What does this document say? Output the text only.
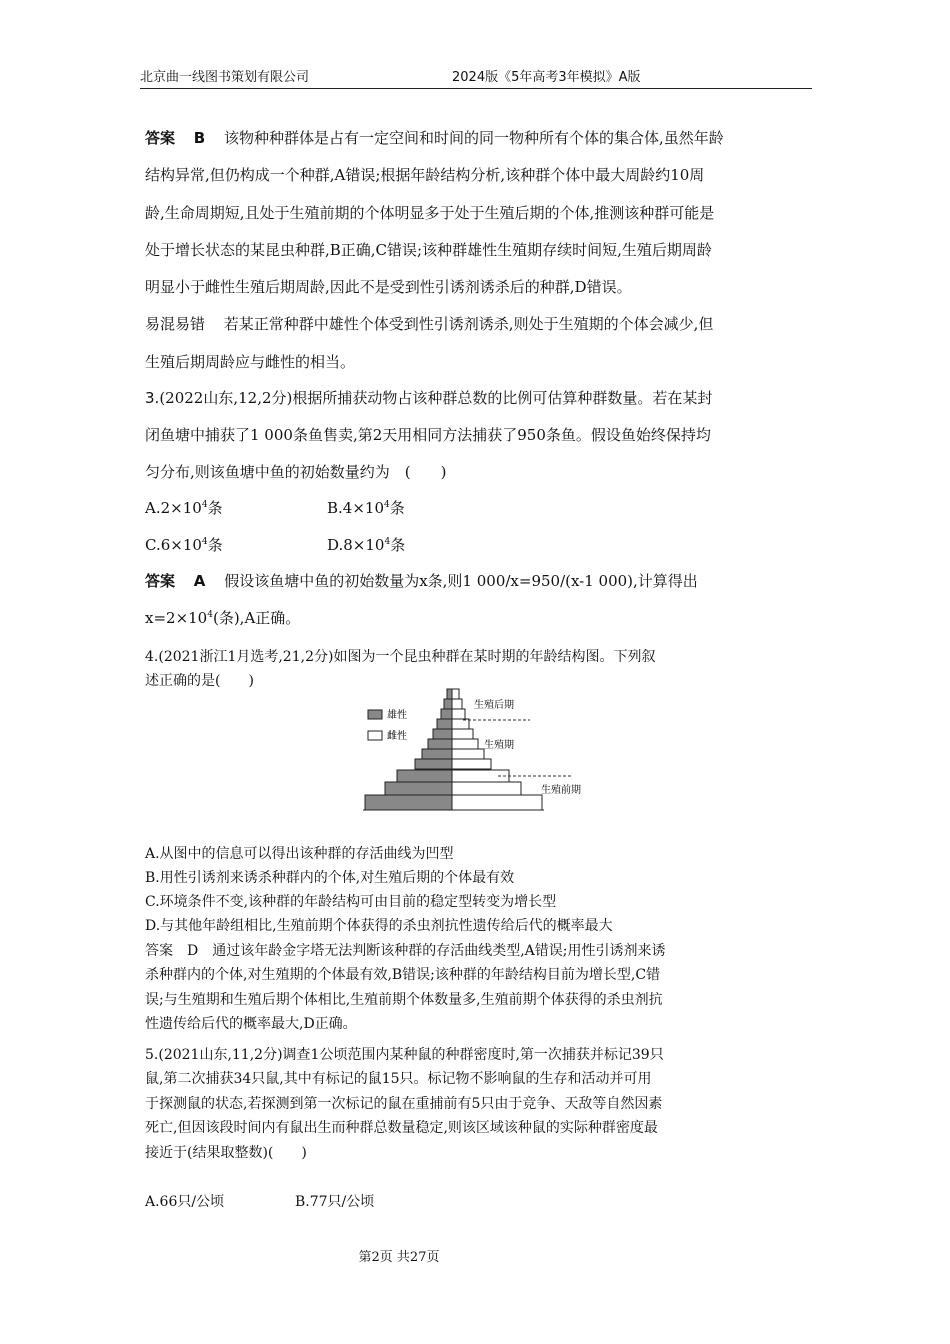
北京曲一线图书策划有限公司	2024版《5年高考3年模拟》A版
答案 B 该物种种群体是占有一定空间和时间的同一物种所有个体的集合体,虽然年龄
结构异常,但仍构成一个种群,A错误;根据年龄结构分析,该种群个体中最大周龄约10周
龄,生命周期短,且处于生殖前期的个体明显多于处于生殖后期的个体,推测该种群可能是
处于增长状态的某昆虫种群,B正确,C错误;该种群雄性生殖期存续时间短,生殖后期周龄
明显小于雌性生殖后期周龄,因此不是受到性引诱剂诱杀后的种群,D错误。
易混易错 若某正常种群中雄性个体受到性引诱剂诱杀,则处于生殖期的个体会减少,但
生殖后期周龄应与雌性的相当。
3.(2022山东,12,2分)根据所捕获动物占该种群总数的比例可估算种群数量。若在某封
闭鱼塘中捕获了1 000条鱼售卖,第2天用相同方法捕获了950条鱼。假设鱼始终保持均
匀分布,则该鱼塘中鱼的初始数量约为　(　　)
$A.2\times 10^4$条	$B.4\times 10^4$条
$C.6\times 10^4$条	$D.8\times 10^4$条
答案 A 假设该鱼塘中鱼的初始数量为x条,则1 000/x=950/(x-1 000),计算得出
$x=2\times 10^4$(条),A正确。
4.(2021浙江1月选考,21,2分)如图为一个昆虫种群在某时期的年龄结构图。下列叙
述正确的是(　　)
雄性
雌性
生殖后期
生殖期
生殖前期
A.从图中的信息可以得出该种群的存活曲线为凹型
B.用性引诱剂来诱杀种群内的个体,对生殖后期的个体最有效
C.环境条件不变,该种群的年龄结构可由目前的稳定型转变为增长型
D.与其他年龄组相比,生殖前期个体获得的杀虫剂抗性遗传给后代的概率最大
答案　D　通过该年龄金字塔无法判断该种群的存活曲线类型,A错误;用性引诱剂来诱
杀种群内的个体,对生殖期的个体最有效,B错误;该种群的年龄结构目前为增长型,C错
误;与生殖期和生殖后期个体相比,生殖前期个体数量多,生殖前期个体获得的杀虫剂抗
性遗传给后代的概率最大,D正确。
5.(2021山东,11,2分)调查1公顷范围内某种鼠的种群密度时,第一次捕获并标记39只
鼠,第二次捕获34只鼠,其中有标记的鼠15只。标记物不影响鼠的生存和活动并可用
于探测鼠的状态,若探测到第一次标记的鼠在重捕前有5只由于竞争、天敌等自然因素
死亡,但因该段时间内有鼠出生而种群总数量稳定,则该区域该种鼠的实际种群密度最
接近于(结果取整数)(　　)
A.66只/公顷	B.77只/公顷
第2页 共27页
